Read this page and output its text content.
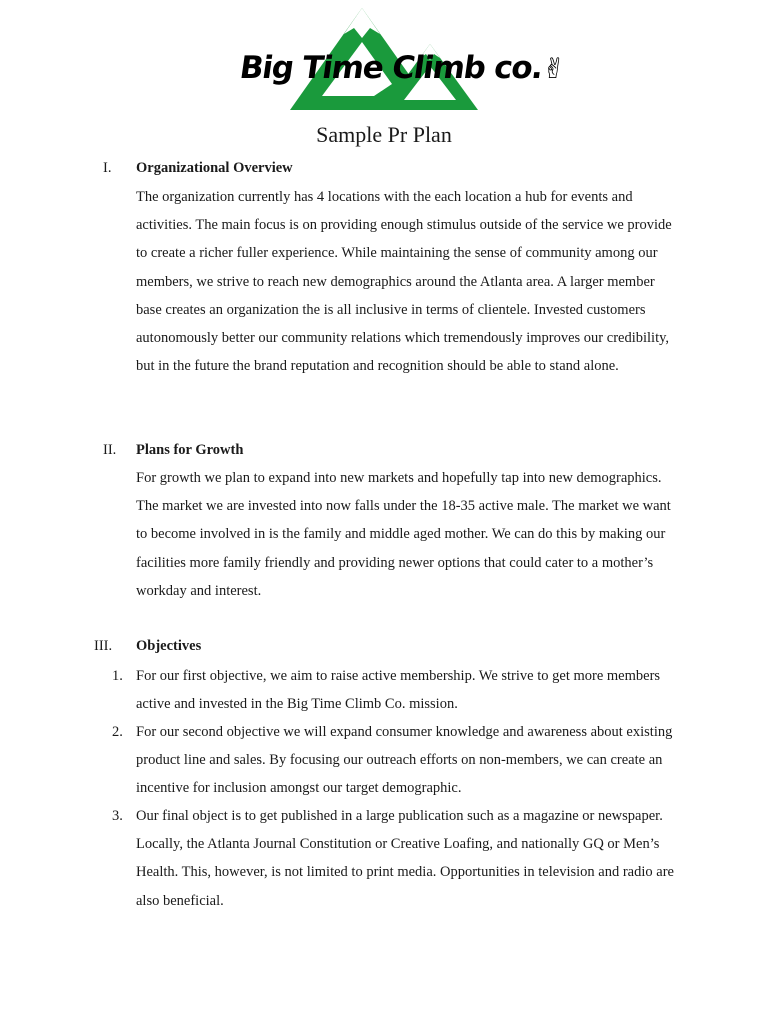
Big Time Climb co.✌
Sample Pr Plan
I. Organizational Overview

The organization currently has 4 locations with the each location a hub for events and activities. The main focus is on providing enough stimulus outside of the service we provide to create a richer fuller experience. While maintaining the sense of community among our members, we strive to reach new demographics around the Atlanta area. A larger member base creates an organization the is all inclusive in terms of clientele. Invested customers autonomously better our community relations which tremendously improves our credibility, but in the future the brand reputation and recognition should be able to stand alone.

II. Plans for Growth

For growth we plan to expand into new markets and hopefully tap into new demographics. The market we are invested into now falls under the 18-35 active male. The market we want to become involved in is the family and middle aged mother. We can do this by making our facilities more family friendly and providing newer options that could cater to a mother’s workday and interest.

III. Objectives
1. For our first objective, we aim to raise active membership. We strive to get more members active and invested in the Big Time Climb Co. mission.
2. For our second objective we will expand consumer knowledge and awareness about existing product line and sales. By focusing our outreach efforts on non-members, we can create an incentive for inclusion amongst our target demographic.
3. Our final object is to get published in a large publication such as a magazine or newspaper. Locally, the Atlanta Journal Constitution or Creative Loafing, and nationally GQ or Men’s Health. This, however, is not limited to print media. Opportunities in television and radio are also beneficial.
